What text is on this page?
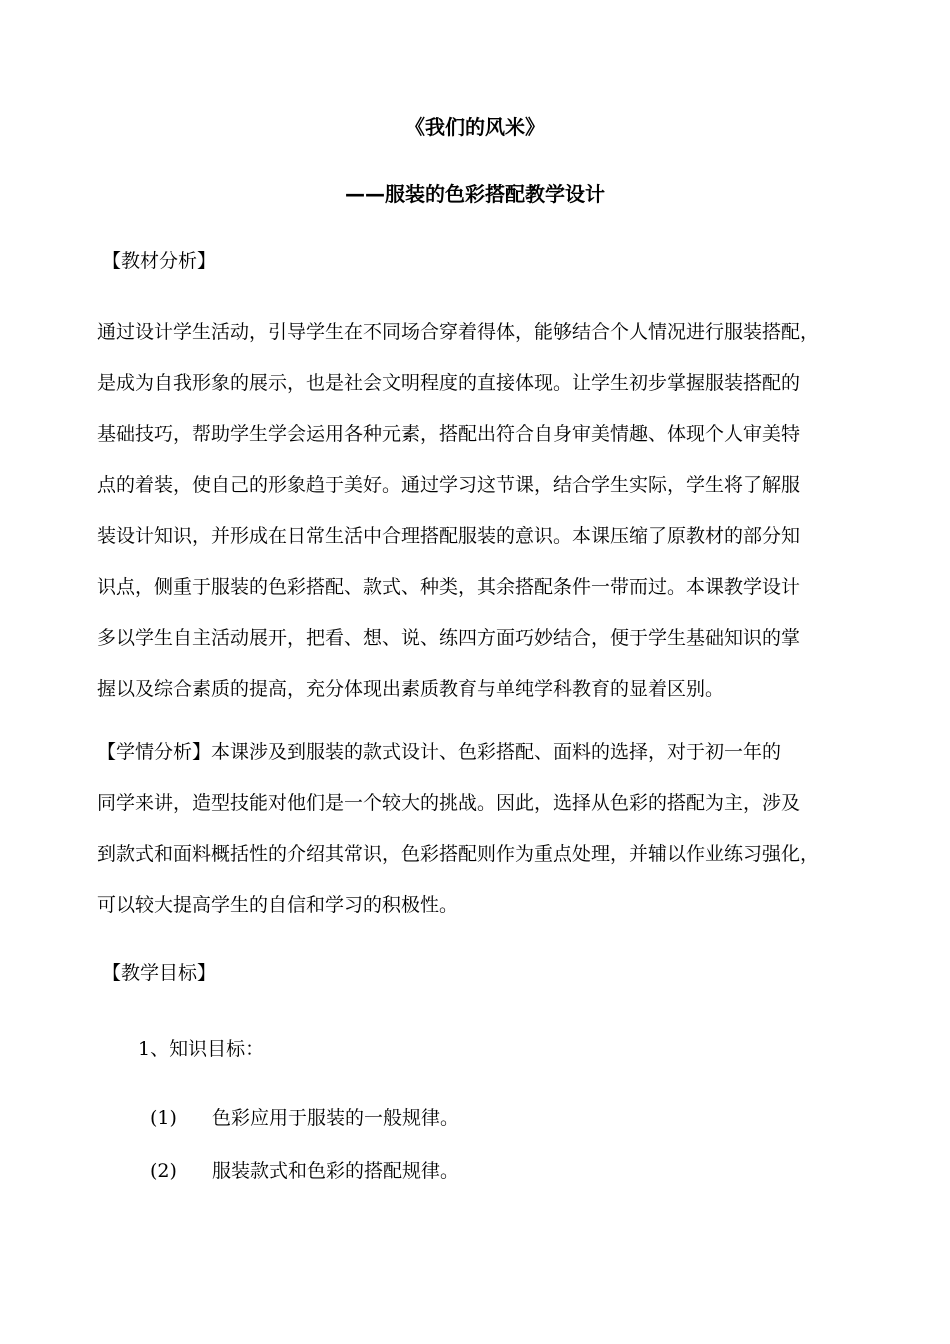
《我们的风米》
——服装的色彩搭配教学设计
【教材分析】
通过设计学生活动，引导学生在不同场合穿着得体，能够结合个人情况进行服装搭配，
是成为自我形象的展示，也是社会文明程度的直接体现。让学生初步掌握服装搭配的
基础技巧，帮助学生学会运用各种元素，搭配出符合自身审美情趣、体现个人审美特
点的着装，使自己的形象趋于美好。通过学习这节课，结合学生实际，学生将了解服
装设计知识，并形成在日常生活中合理搭配服装的意识。本课压缩了原教材的部分知
识点，侧重于服装的色彩搭配、款式、种类，其余搭配条件一带而过。本课教学设计
多以学生自主活动展开，把看、想、说、练四方面巧妙结合，便于学生基础知识的掌
握以及综合素质的提高，充分体现出素质教育与单纯学科教育的显着区别。
【学情分析】本课涉及到服装的款式设计、色彩搭配、面料的选择，对于初一年的
同学来讲，造型技能对他们是一个较大的挑战。因此，选择从色彩的搭配为主，涉及
到款式和面料概括性的介绍其常识，色彩搭配则作为重点处理，并辅以作业练习强化，
可以较大提高学生的自信和学习的积极性。
【教学目标】
1、知识目标：
(1)	色彩应用于服装的一般规律。
(2)	服装款式和色彩的搭配规律。
